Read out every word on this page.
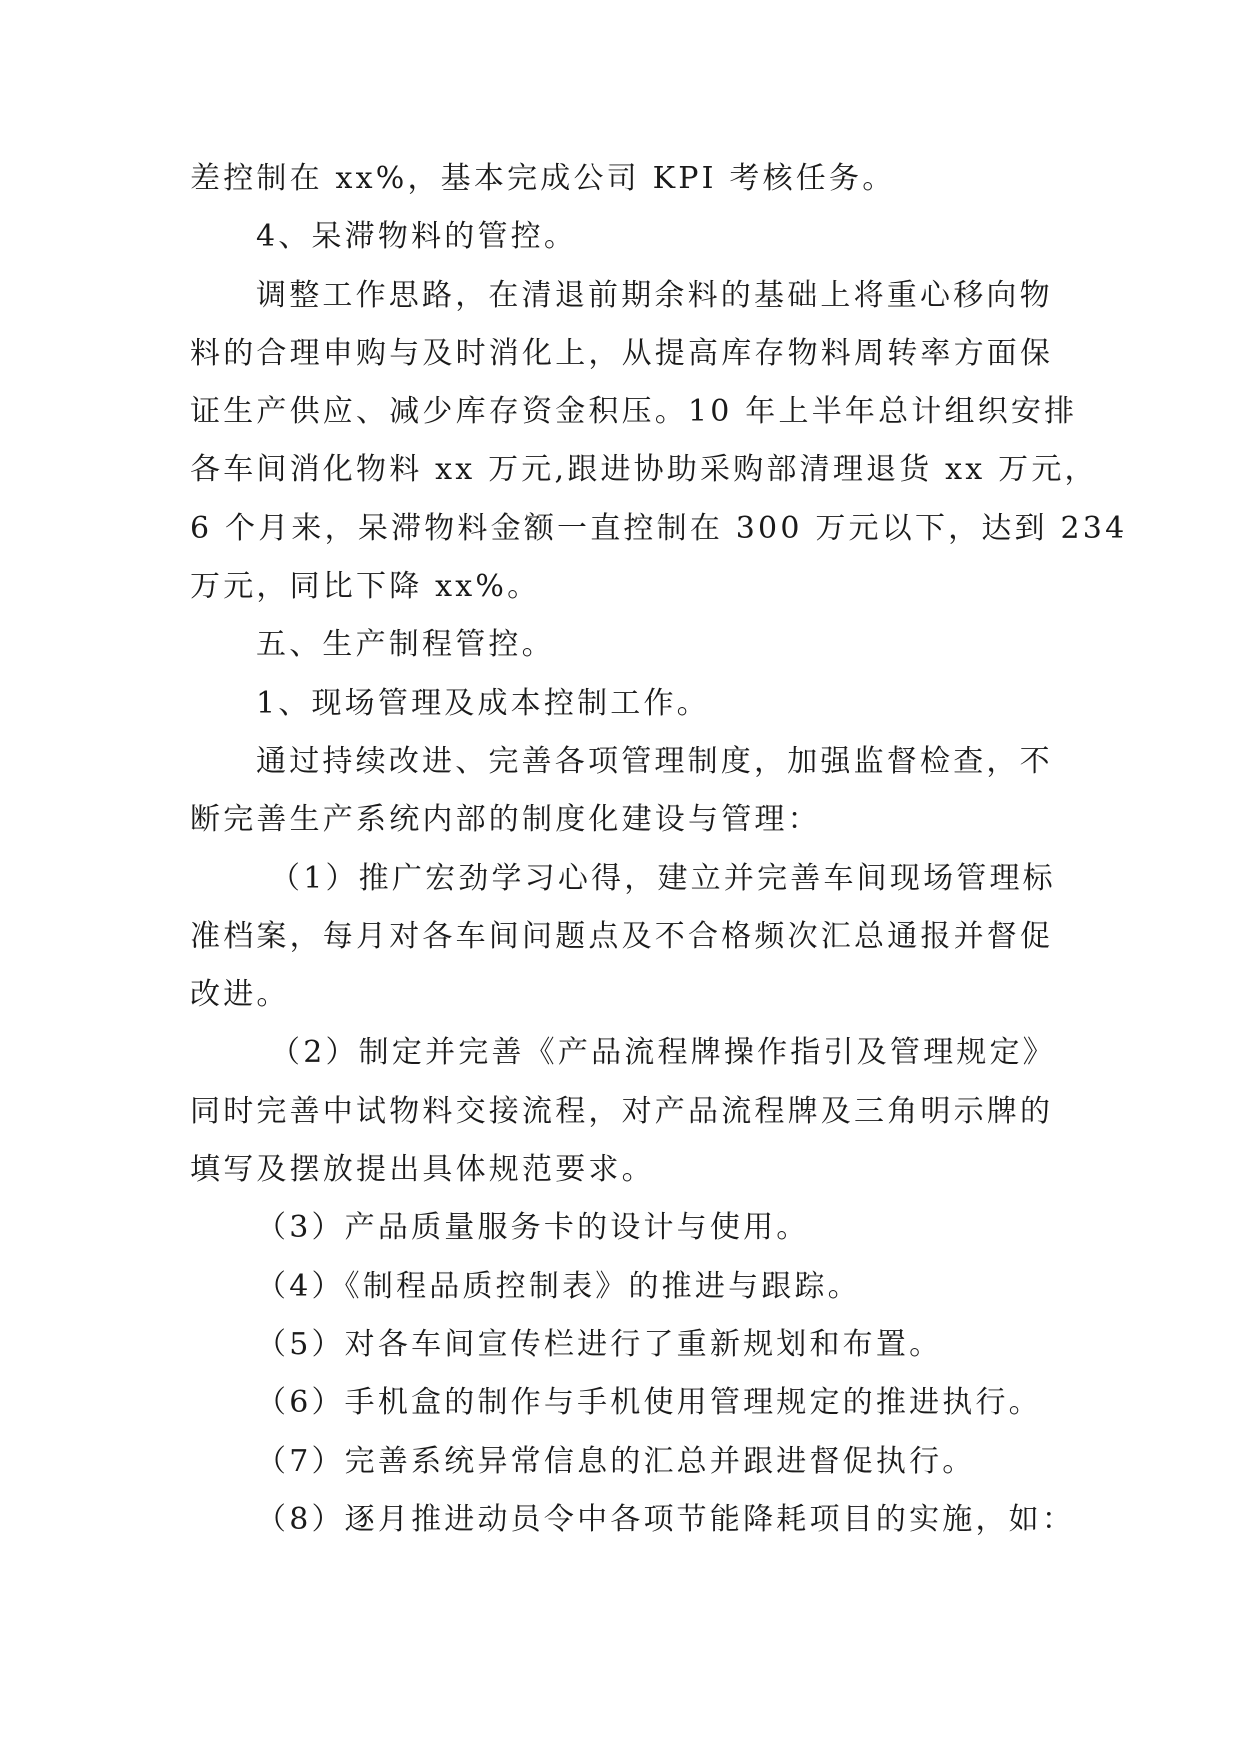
差控制在 xx%，基本完成公司 KPI 考核任务。
4、呆滞物料的管控。
调整工作思路，在清退前期余料的基础上将重心移向物
料的合理申购与及时消化上，从提高库存物料周转率方面保
证生产供应、减少库存资金积压。10 年上半年总计组织安排
各车间消化物料 xx 万元,跟进协助采购部清理退货 xx 万元，
6 个月来，呆滞物料金额一直控制在 300 万元以下，达到 234
万元，同比下降 xx%。
五、生产制程管控。
1、现场管理及成本控制工作。
通过持续改进、完善各项管理制度，加强监督检查，不
断完善生产系统内部的制度化建设与管理：
（1）推广宏劲学习心得，建立并完善车间现场管理标
准档案，每月对各车间问题点及不合格频次汇总通报并督促
改进。
（2）制定并完善《产品流程牌操作指引及管理规定》
同时完善中试物料交接流程，对产品流程牌及三角明示牌的
填写及摆放提出具体规范要求。
（3）产品质量服务卡的设计与使用。
（4）《制程品质控制表》的推进与跟踪。
（5）对各车间宣传栏进行了重新规划和布置。
（6）手机盒的制作与手机使用管理规定的推进执行。
（7）完善系统异常信息的汇总并跟进督促执行。
（8）逐月推进动员令中各项节能降耗项目的实施，如：
